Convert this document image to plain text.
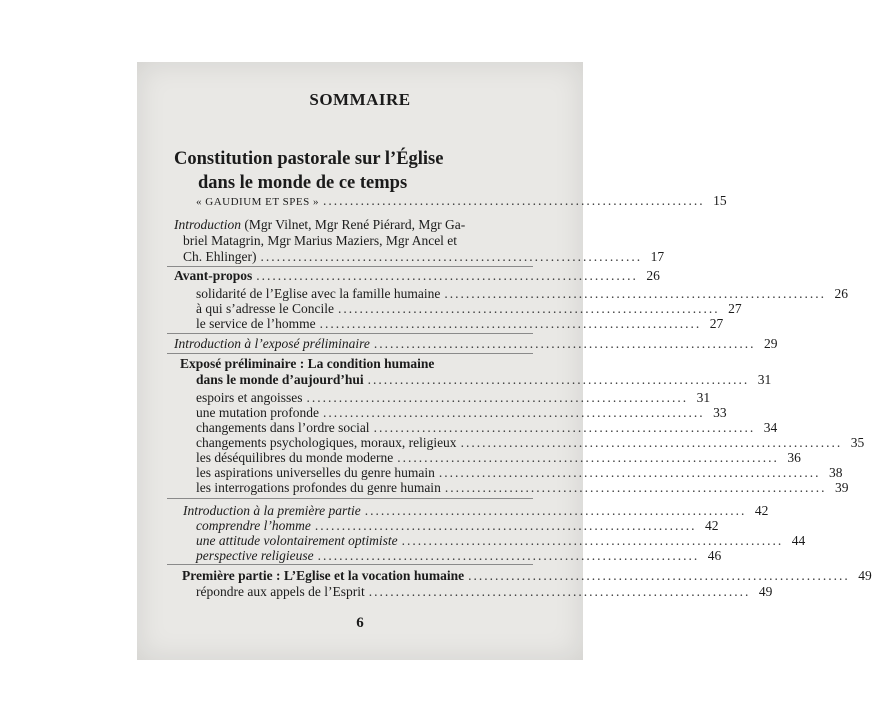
SOMMAIRE
Constitution pastorale sur l’Église
dans le monde de ce temps
« GAUDIUM ET SPES » ....................................................................... 15
Introduction (Mgr Vilnet, Mgr René Piérard, Mgr Ga-
briel Matagrin, Mgr Marius Maziers, Mgr Ancel et
Ch. Ehlinger) ....................................................................... 17
Avant-propos ....................................................................... 26
solidarité de l’Eglise avec la famille humaine ....................................................................... 26
à qui s’adresse le Concile ....................................................................... 27
le service de l’homme ....................................................................... 27
Introduction à l’exposé préliminaire ....................................................................... 29
Exposé préliminaire : La condition humaine
dans le monde d’aujourd’hui ....................................................................... 31
espoirs et angoisses ....................................................................... 31
une mutation profonde ....................................................................... 33
changements dans l’ordre social ....................................................................... 34
changements psychologiques, moraux, religieux ....................................................................... 35
les déséquilibres du monde moderne ....................................................................... 36
les aspirations universelles du genre humain ....................................................................... 38
les interrogations profondes du genre humain ....................................................................... 39
Introduction à la première partie ....................................................................... 42
comprendre l’homme ....................................................................... 42
une attitude volontairement optimiste ....................................................................... 44
perspective religieuse ....................................................................... 46
Première partie : L’Eglise et la vocation humaine ....................................................................... 49
répondre aux appels de l’Esprit ....................................................................... 49
6
